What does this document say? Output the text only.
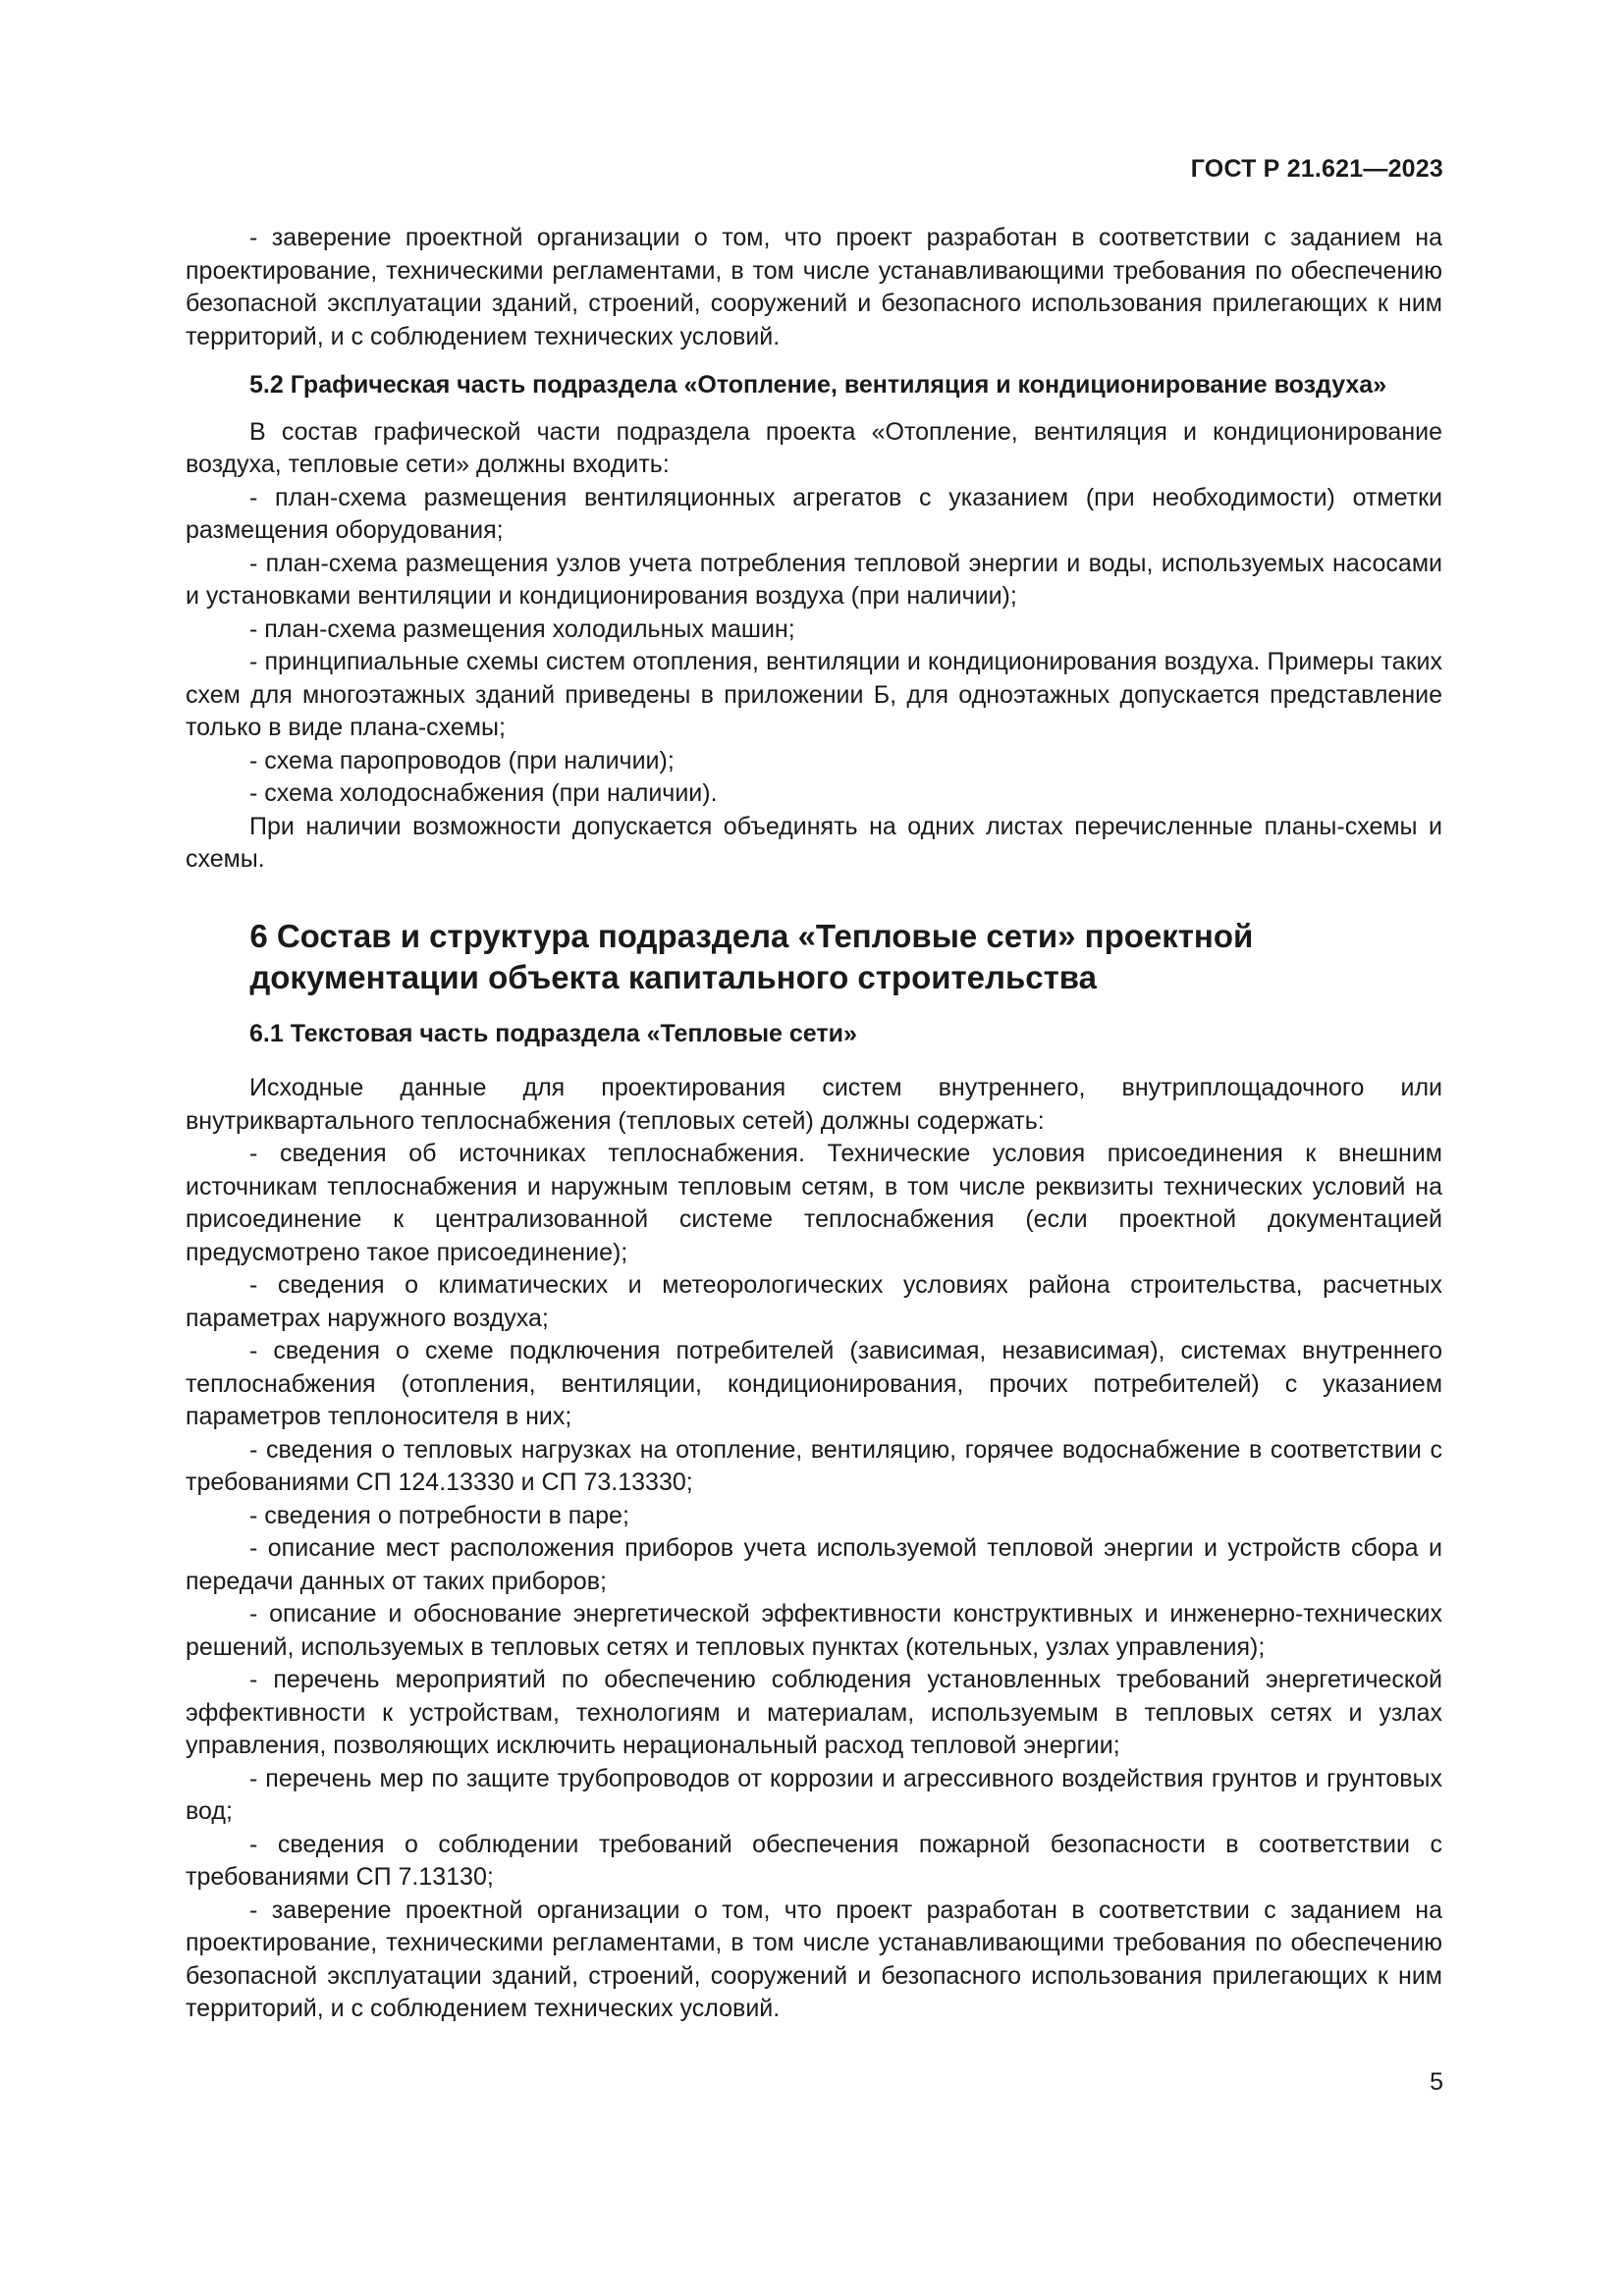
ГОСТ Р 21.621—2023

- заверение проектной организации о том, что проект разработан в соответствии с заданием на проектирование, техническими регламентами, в том числе устанавливающими требования по обеспечению безопасной эксплуатации зданий, строений, сооружений и безопасного использования прилегающих к ним территорий, и с соблюдением технических условий.

5.2 Графическая часть подраздела «Отопление, вентиляция и кондиционирование воздуха»

В состав графической части подраздела проекта «Отопление, вентиляция и кондиционирование воздуха, тепловые сети» должны входить:

- план-схема размещения вентиляционных агрегатов с указанием (при необходимости) отметки размещения оборудования;

- план-схема размещения узлов учета потребления тепловой энергии и воды, используемых насосами и установками вентиляции и кондиционирования воздуха (при наличии);

- план-схема размещения холодильных машин;

- принципиальные схемы систем отопления, вентиляции и кондиционирования воздуха. Примеры таких схем для многоэтажных зданий приведены в приложении Б, для одноэтажных допускается представление только в виде плана-схемы;

- схема паропроводов (при наличии);

- схема холодоснабжения (при наличии).

При наличии возможности допускается объединять на одних листах перечисленные планы-схемы и схемы.

6 Состав и структура подраздела «Тепловые сети» проектной
документации объекта капитального строительства

6.1 Текстовая часть подраздела «Тепловые сети»

Исходные данные для проектирования систем внутреннего, внутриплощадочного или внутриквартального теплоснабжения (тепловых сетей) должны содержать:

- сведения об источниках теплоснабжения. Технические условия присоединения к внешним источникам теплоснабжения и наружным тепловым сетям, в том числе реквизиты технических условий на присоединение к централизованной системе теплоснабжения (если проектной документацией предусмотрено такое присоединение);

- сведения о климатических и метеорологических условиях района строительства, расчетных параметрах наружного воздуха;

- сведения о схеме подключения потребителей (зависимая, независимая), системах внутреннего теплоснабжения (отопления, вентиляции, кондиционирования, прочих потребителей) с указанием параметров теплоносителя в них;

- сведения о тепловых нагрузках на отопление, вентиляцию, горячее водоснабжение в соответствии с требованиями СП 124.13330 и СП 73.13330;

- сведения о потребности в паре;

- описание мест расположения приборов учета используемой тепловой энергии и устройств сбора и передачи данных от таких приборов;

- описание и обоснование энергетической эффективности конструктивных и инженерно-технических решений, используемых в тепловых сетях и тепловых пунктах (котельных, узлах управления);

- перечень мероприятий по обеспечению соблюдения установленных требований энергетической эффективности к устройствам, технологиям и материалам, используемым в тепловых сетях и узлах управления, позволяющих исключить нерациональный расход тепловой энергии;

- перечень мер по защите трубопроводов от коррозии и агрессивного воздействия грунтов и грунтовых вод;

- сведения о соблюдении требований обеспечения пожарной безопасности в соответствии с требованиями СП 7.13130;

- заверение проектной организации о том, что проект разработан в соответствии с заданием на проектирование, техническими регламентами, в том числе устанавливающими требования по обеспечению безопасной эксплуатации зданий, строений, сооружений и безопасного использования прилегающих к ним территорий, и с соблюдением технических условий.

5
